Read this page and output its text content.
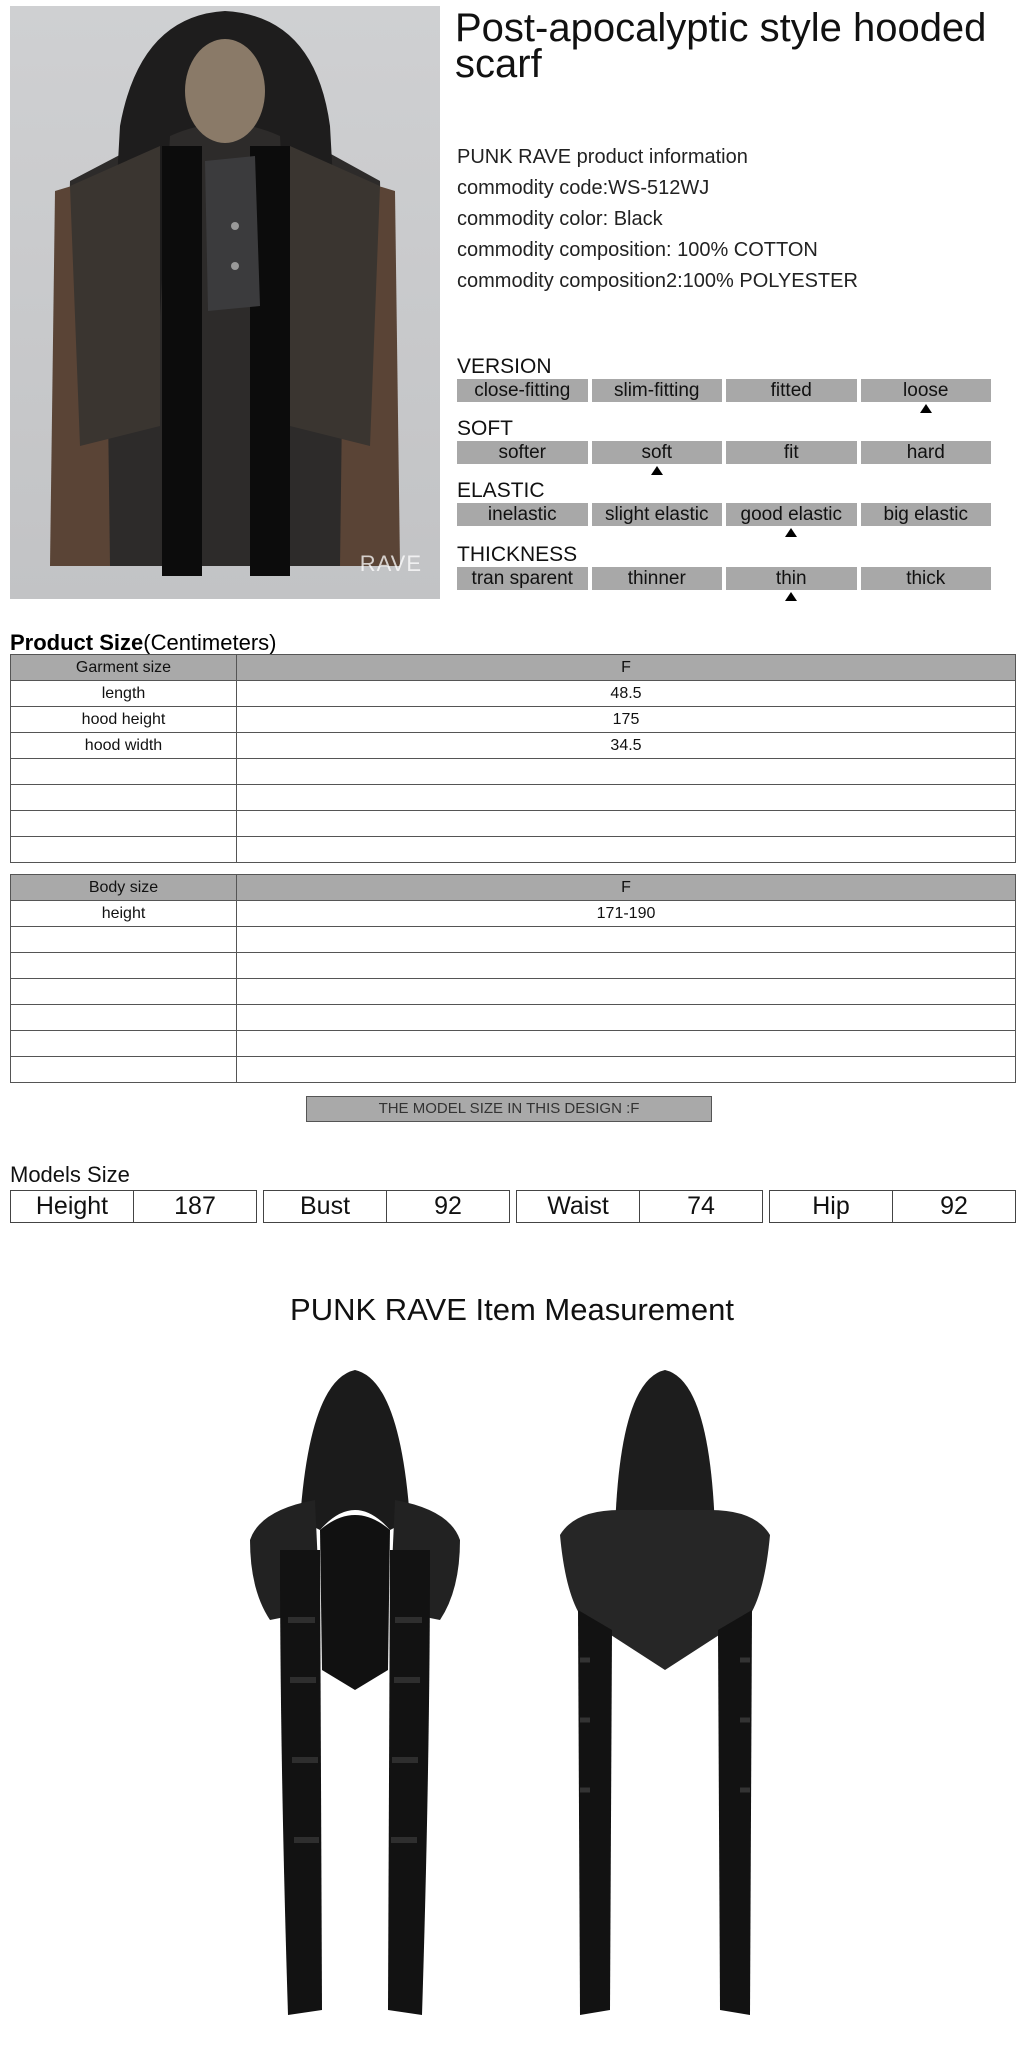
RAVE
Post-apocalyptic style hooded scarf
PUNK RAVE product information
commodity code:WS-512WJ
commodity color: Black
commodity composition: 100% COTTON
commodity composition2:100% POLYESTER
VERSION
close-fitting	slim-fitting	fitted	loose
SOFT
softer	soft	fit	hard
ELASTIC
inelastic	slight elastic	good elastic	big elastic
THICKNESS
tran sparent	thinner	thin	thick
Product Size(Centimeters)
Garment size	F
length	48.5
hood height	175
hood width	34.5

Body size	F
height	171-190

THE MODEL SIZE IN THIS DESIGN :F
Models Size
Height	187	Bust	92	Waist	74	Hip	92
PUNK RAVE Item Measurement
